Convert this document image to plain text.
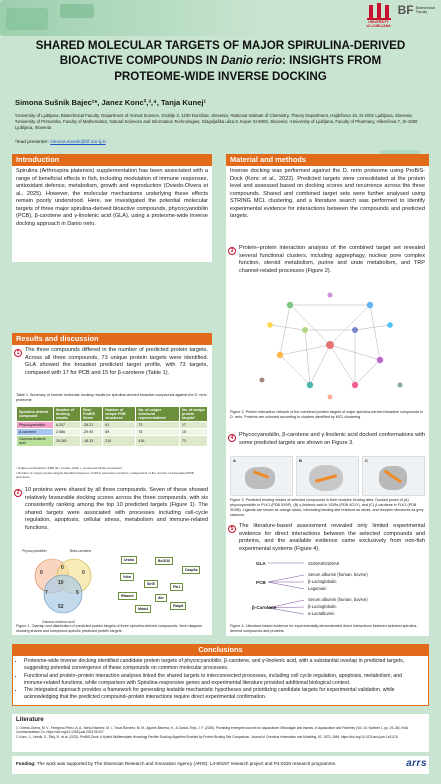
UNIVERSITY
of LJUBLJANA
BF Biotechnical
Faculty
SHARED MOLECULAR TARGETS OF MAJOR SPIRULINA-DERIVED
BIOACTIVE COMPOUNDS IN Danio rerio: INSIGHTS FROM
PROTEOME-WIDE INVERSE DOCKING
Simona Sušnik Bajec¹*, Janez Konc²,³,⁴, Tanja Kunej¹
¹University of Ljubljana, Biotechnical Faculty, Department of Animal Science, Groblje 3, 1230 Domžale, Slovenia; ²National Institute of Chemistry, Theory Department, Hajdrihova 19, SI-1001 Ljubljana, Slovenia; ³University of Primorska, Faculty of Mathematics, Natural Sciences and Information Technologies, Glagoljaška ulica 8, Koper SI-6000, Slovenia; ⁴University of Ljubljana, Faculty of Pharmacy, Aškerčeva 7, SI-1000 Ljubljana, Slovenia
*lead presenter: simona.susnik@bf.uni-lj.si
Introduction
Spirulina (Arthrospira platensis) supplementation has been associated with a range of beneficial effects in fish, including modulation of immune responses, antioxidant defence, metabolism, growth and reproduction (Oviedo-Olvera et al., 2025). However, the molecular mechanisms underlying these effects remain poorly understood. Here, we investigated the potential molecular targets of three major spirulina-derived bioactive compounds, phycocyanobilin (PCB), β-carotene and γ-linolenic acid (GLA), using a proteome-wide inverse docking approach in Danio rerio.
Results and discussion
1	The three compounds differed in the number of predicted protein targets. Across all three compounds, 73 unique protein targets were identified. GLA showed the broadest predicted target profile, with 73 targets, compared with 17 for PCB and 15 for β-carotene (Table 1).
Table 1. Summary of inverse molecular docking results for spirulina-derived bioactive compounds against the D. rerio proteome
Spirulina-derived compound	Number of docking results	Best ProBiS Score	Number of unique PDB structures	No. of unique structural representatives¹	No. of unique protein targets²
Phycocyanobilin	6,207	-28.21	61	73	17
β-carotene	2,566	-29.90	69	76	15
Gamma-linolenic acid	29,381	-18.33	210	416	73
¹ Unique combinations PDB ID + protein chain + compound binder annotation.
² Number of unique protein targets identified based on UniProt accession numbers, independent of the number of associated PDB structures.
2	10 proteins were shared by all three compounds. Seven of these showed relatively favourable docking scores across the three compounds, with six consistently ranking among the top 10 predicted targets (Figure 1). The shared targets were associated with processes including cell-cycle regulation, apoptosis, cellular stress, metabolism and immune-related functions.
Phycocyanobilin	Beta-carotene
Gamma-linolenic acid
0	0
0
10
7	5
52
Uraha	Bcl2l10
Casp3a
Vdra
Sirt5
Pik1
RNase1	Akr
Mdm4
Fabp6
Figure 1. Overlap and distribution of predicted protein targets of three spirulina-derived compounds: Venn diagram showing shared and compound-specific predicted protein targets.
Material and methods
Inverse docking was performed against the D. rerio proteome using ProBiS-Dock (Konc et al., 2022). Predicted targets were consolidated at the protein level and assessed based on docking scores and recurrence across the three compounds. Shared and combined target sets were further analysed using STRING MCL clustering, and a literature search was performed to identify experimental evidence for interactions between the compounds and predicted targets.
3	Protein–protein interaction analysis of the combined target set revealed several functional clusters, including aggrephagy, nuclear pore complex function, steroid metabolism, purine and urate metabolism, and TRP channel-related processes (Figure 2).
Figure 2. Protein interaction network of the combined protein targets of major spirulina-derived bioactive compounds in D. rerio. Proteins are coloured according to clusters identified by MCL clustering.
4	Phycocyanobilin, β-carotene and γ-linolenic acid docked conformations with some predicted targets are shown on Figure 3.
A	B	C
Figure 3. Predicted binding modes of selected compounds in their receptor binding sites. Docked poses of (A) phycocyanobilin in PLK1 (PDB 5X9P), (B) γ-linolenic acid in VDRa (PDB 4G1Y), and (C) β-carotene in FLK1 (PDB 3D5N). Ligands are shown as orange sticks, interacting binding-site residues as sticks, and receptor structures as grey cartoons.
5	The literature-based assessment revealed only limited experimental evidence for direct interactions between the selected compounds and proteins, and the available evidence came exclusively from non-fish experimental systems (Figure 4).
GLA	S100A8/S100A9
PCB
Serum albumin (human, bovine)
β-Lactoglobulin
Legumain
β-Carotene
Serum albumin (human, bovine)
β-Lactoglobulin
α-Lactalbumin
Figure 4. Literature-based evidence for experimentally demonstrated direct interactions between selected spirulina-derived compounds and proteins.
Conclusions
• Proteome-wide inverse docking identified candidate protein targets of phycocyanobilin, β-carotene, and γ-linolenic acid, with a substantial overlap in predicted targets, suggesting potential convergence of these compounds on common molecular processes.
• Functional and protein–protein interaction analyses linked the shared targets to interconnected processes, including cell cycle regulation, apoptosis, metabolism, and immune-related functions, while comparison with Spirulina-responsive genes and experimental literature provided additional biological context.
• The integrated approach provides a framework for generating testable mechanistic hypotheses and prioritizing candidate targets for experimental validation, while acknowledging that the predicted compound–protein interactions require direct experimental confirmation.
Literature
1. Oviedo-Olvera, M. V., Feregrino-Pérez, A. A., Nieto-Ramírez, M. I., Tovar-Ramírez, M. M., Aguirre-Becerra, H., & García-Trejo, J. F. (2025). Promising emergent sources for aquaculture: Microalgae and insects. In Aquaculture and Fisheries (Vol. 10, Number 1, pp. 29–36). KeAi Communications Co. https://doi.org/10.1016/j.aaf.2023.06.007
2. Konc, J., Lešnik, S., Škrlj, B., et al. (2022). ProBiS-Dock: A Hybrid Multitemplate Homology Flexible Docking Algorithm Enabled by Protein Binding Site Comparison. Journal of Chemical Information and Modeling, 62, 1573–1584. https://doi.org/10.1021/acs.jcim.1c01176
Funding: The work was supported by The Slovenian Research and Innovation Agency (ARIS): L4-60157 research project and P4-0220 research programme.	arrs
